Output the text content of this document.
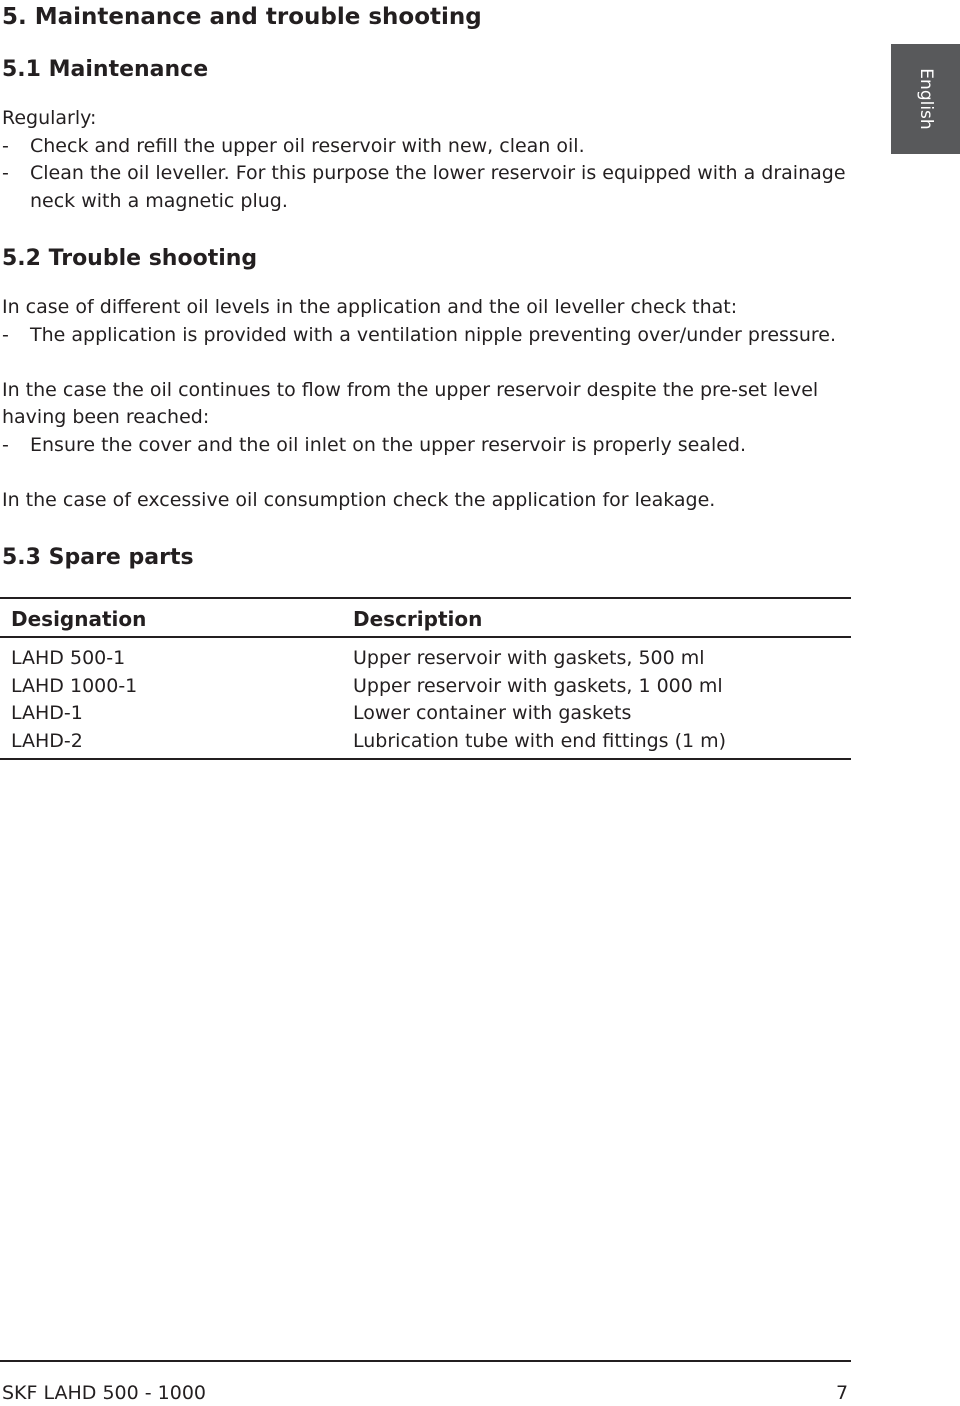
English
5. Maintenance and trouble shooting
5.1 Maintenance
Regularly:
- Check and refill the upper oil reservoir with new, clean oil.
- Clean the oil leveller. For this purpose the lower reservoir is equipped with a drainage
neck with a magnetic plug.
5.2 Trouble shooting
In case of different oil levels in the application and the oil leveller check that:
- The application is provided with a ventilation nipple preventing over/under pressure.
In the case the oil continues to flow from the upper reservoir despite the pre-set level
having been reached:
- Ensure the cover and the oil inlet on the upper reservoir is properly sealed.
In the case of excessive oil consumption check the application for leakage.
5.3 Spare parts
Designation	Description
LAHD 500-1	Upper reservoir with gaskets, 500 ml
LAHD 1000-1	Upper reservoir with gaskets, 1 000 ml
LAHD-1	Lower container with gaskets
LAHD-2	Lubrication tube with end fittings (1 m)
SKF LAHD 500 - 1000	7
